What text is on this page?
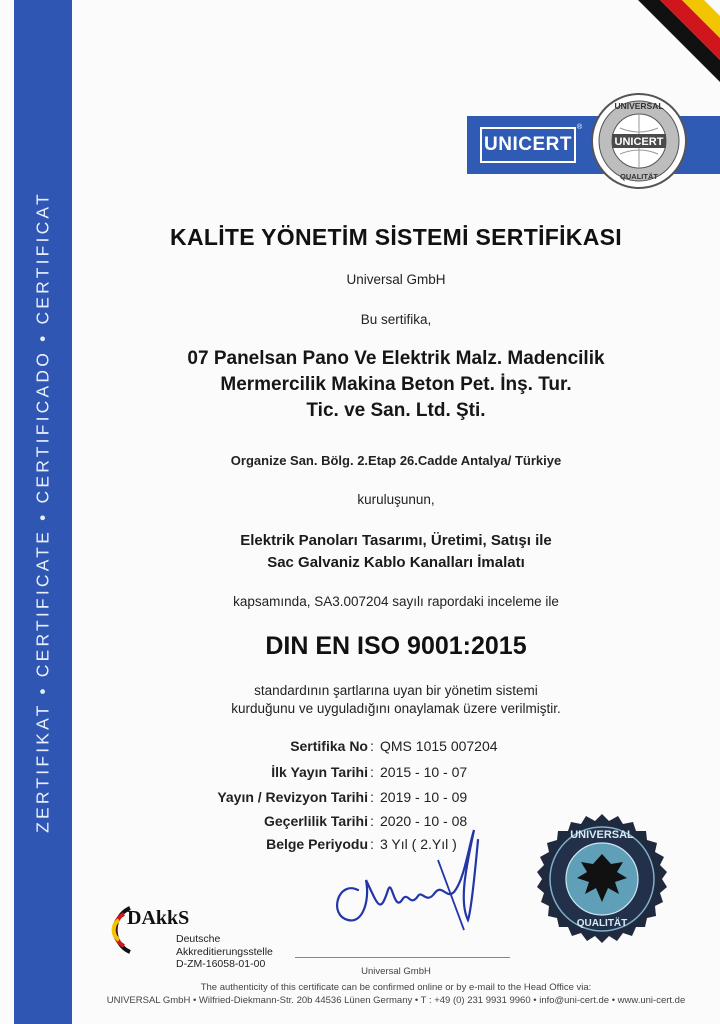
ZERTIFIKAT • CERTIFICATE • CERTIFICADO • CERTIFICAT
UNICERT
®
UNICERT
UNIVERSAL
QUALITÄT
KALİTE YÖNETİM SİSTEMİ SERTİFİKASI
Universal GmbH
Bu sertifika,
07 Panelsan Pano Ve Elektrik Malz. Madencilik
Mermercilik Makina Beton Pet. İnş. Tur.
Tic. ve San. Ltd. Şti.
Organize San. Bölg. 2.Etap 26.Cadde Antalya/ Türkiye
kuruluşunun,
Elektrik Panoları Tasarımı, Üretimi, Satışı ile
Sac Galvaniz Kablo Kanalları İmalatı
kapsamında, SA3.007204 sayılı rapordaki inceleme ile
DIN EN ISO 9001:2015
standardının şartlarına uyan bir yönetim sistemi
kurduğunu ve uyguladığını onaylamak üzere verilmiştir.
Sertifika No : QMS 1015 007204
İlk Yayın Tarihi : 2015 - 10 - 07
Yayın / Revizyon Tarihi : 2019 - 10 - 09
Geçerlilik Tarihi : 2020 - 10 - 08
Belge Periyodu : 3 Yıl ( 2.Yıl )
UNIVERSAL
QUALITÄT
DAkkS
Deutsche
Akkreditierungsstelle
D-ZM-16058-01-00
Universal GmbH
The authenticity of this certificate can be confirmed online or by e-mail to the Head Office via:
UNIVERSAL GmbH • Wilfried-Diekmann-Str. 20b 44536 Lünen Germany • T : +49 (0) 231 9931 9960 • info@uni-cert.de • www.uni-cert.de
